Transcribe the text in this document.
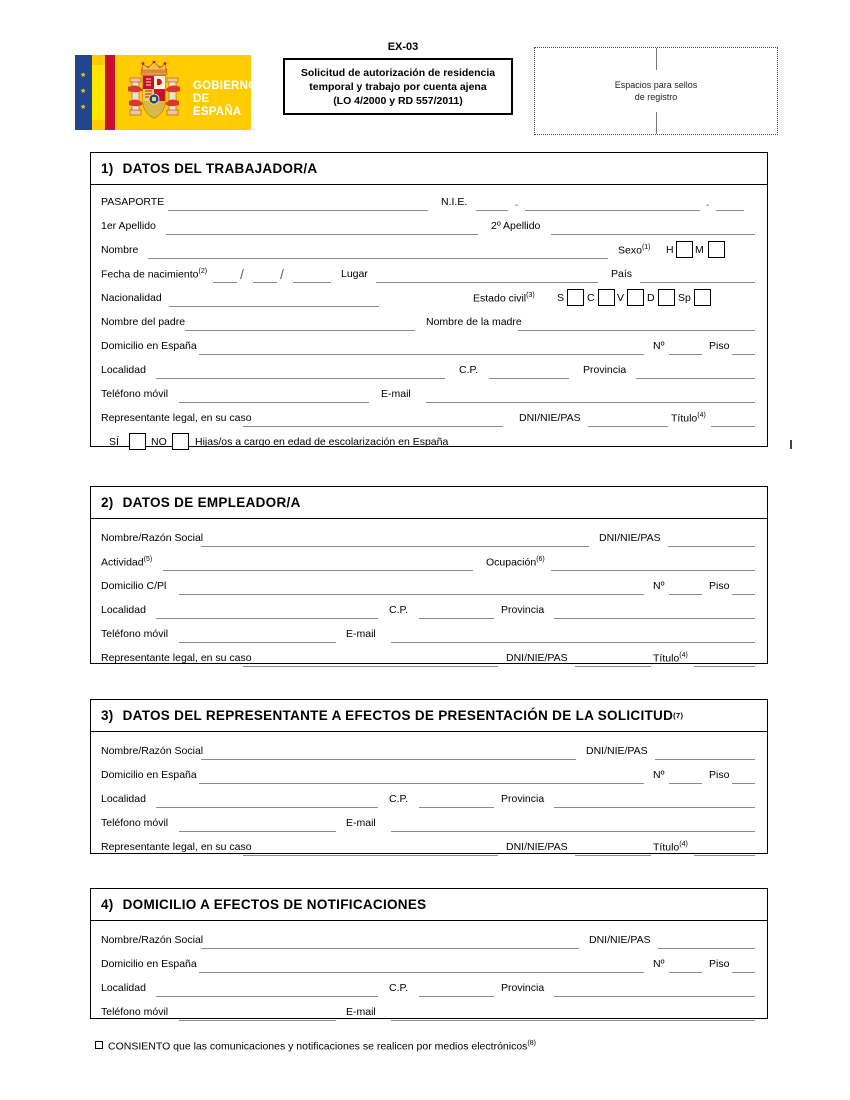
★
★
★
GOBIERNO
DE ESPAÑA
EX-03
Solicitud de autorización de residencia
temporal y trabajo por cuenta ajena
(LO 4/2000 y RD 557/2011)
Espacios para sellos
de registro
1) DATOS DEL TRABAJADOR/A
PASAPORTE	N.I.E.	-	-
1er Apellido	2º Apellido
Nombre	Sexo$^{(1)}$ H M
Fecha de nacimiento$^{(2)}$ /	/	Lugar	País
Nacionalidad	Estado civil$^{(3)}$ S C V D Sp
Nombre del padre	Nombre de la madre
Domicilio en España	Nº	Piso
Localidad	C.P.	Provincia
Teléfono móvil	E-mail
Representante legal, en su caso	DNI/NIE/PAS	Título$^{(4)}$
SÍ	NO	Hijas/os a cargo en edad de escolarización en España
2) DATOS DE EMPLEADOR/A
Nombre/Razón Social	DNI/NIE/PAS
Actividad$^{(5)}$	Ocupación$^{(6)}$
Domicilio C/Pl	Nº	Piso
Localidad	C.P.	Provincia
Teléfono móvil	E-mail
Representante legal, en su caso	DNI/NIE/PAS	Título$^{(4)}$
3) DATOS DEL REPRESENTANTE A EFECTOS DE PRESENTACIÓN DE LA SOLICITUD (7)
Nombre/Razón Social	DNI/NIE/PAS
Domicilio en España	Nº	Piso
Localidad	C.P.	Provincia
Teléfono móvil	E-mail
Representante legal, en su caso	DNI/NIE/PAS	Título$^{(4)}$
4) DOMICILIO A EFECTOS DE NOTIFICACIONES
Nombre/Razón Social	DNI/NIE/PAS
Domicilio en España	Nº	Piso
Localidad	C.P.	Provincia
Teléfono móvil	E-mail
CONSIENTO que las comunicaciones y notificaciones se realicen por medios electrónicos$^{(8)}$
